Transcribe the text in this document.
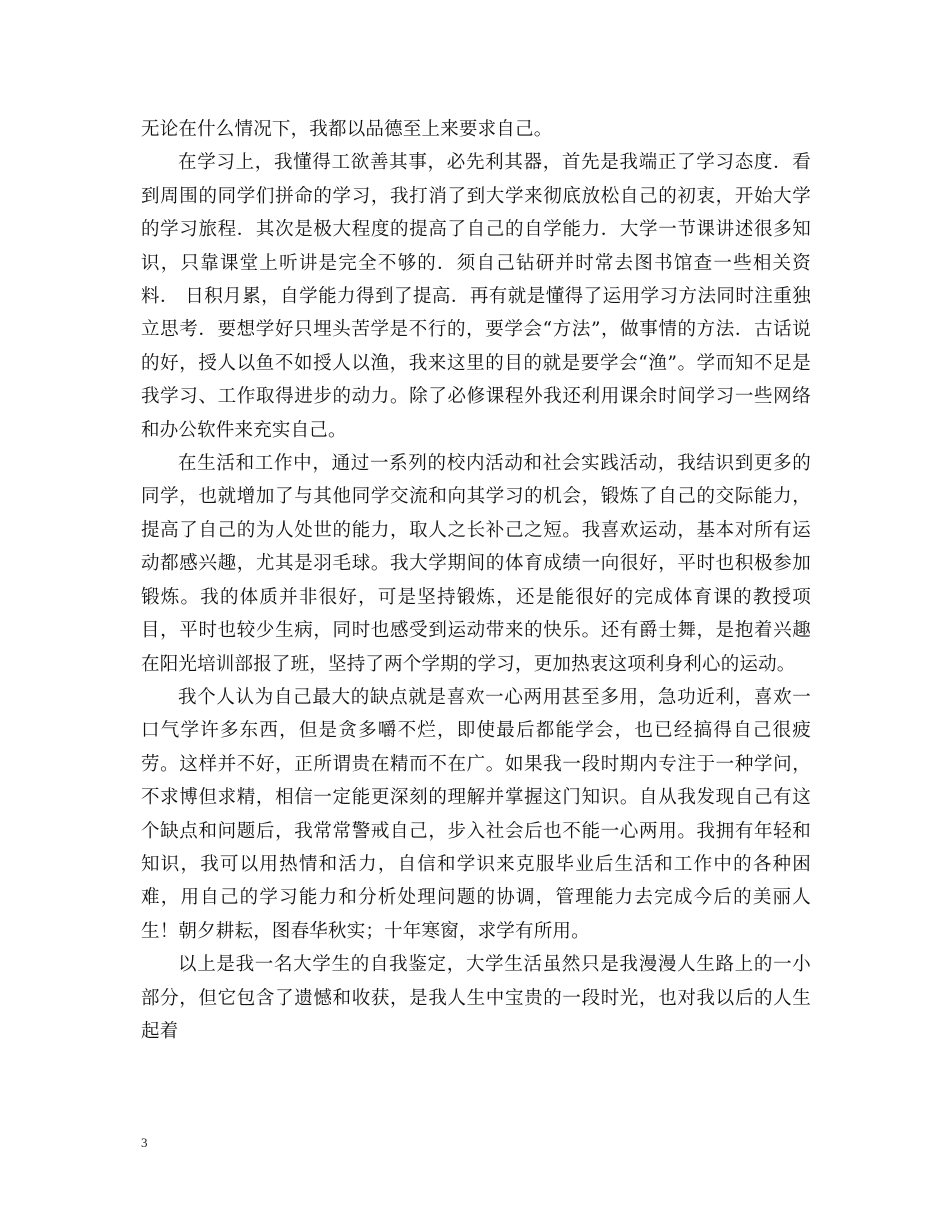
无论在什么情况下，我都以品德至上来要求自己。

在学习上，我懂得工欲善其事，必先利其器，首先是我端正了学习态度．看到周围的同学们拼命的学习，我打消了到大学来彻底放松自己的初衷，开始大学的学习旅程．其次是极大程度的提高了自己的自学能力．大学一节课讲述很多知识，只靠课堂上听讲是完全不够的．须自己钻研并时常去图书馆查一些相关资料． 日积月累，自学能力得到了提高．再有就是懂得了运用学习方法同时注重独立思考．要想学好只埋头苦学是不行的，要学会“方法”，做事情的方法．古话说的好，授人以鱼不如授人以渔，我来这里的目的就是要学会“渔”。学而知不足是我学习、工作取得进步的动力。除了必修课程外我还利用课余时间学习一些网络和办公软件来充实自己。

在生活和工作中，通过一系列的校内活动和社会实践活动，我结识到更多的同学，也就增加了与其他同学交流和向其学习的机会，锻炼了自己的交际能力，提高了自己的为人处世的能力，取人之长补己之短。我喜欢运动，基本对所有运动都感兴趣，尤其是羽毛球。我大学期间的体育成绩一向很好，平时也积极参加锻炼。我的体质并非很好，可是坚持锻炼，还是能很好的完成体育课的教授项目，平时也较少生病，同时也感受到运动带来的快乐。还有爵士舞，是抱着兴趣在阳光培训部报了班，坚持了两个学期的学习，更加热衷这项利身利心的运动。

我个人认为自己最大的缺点就是喜欢一心两用甚至多用，急功近利，喜欢一口气学许多东西，但是贪多嚼不烂，即使最后都能学会，也已经搞得自己很疲劳。这样并不好，正所谓贵在精而不在广。如果我一段时期内专注于一种学问，不求博但求精，相信一定能更深刻的理解并掌握这门知识。自从我发现自己有这个缺点和问题后，我常常警戒自己，步入社会后也不能一心两用。我拥有年轻和知识，我可以用热情和活力，自信和学识来克服毕业后生活和工作中的各种困难，用自己的学习能力和分析处理问题的协调，管理能力去完成今后的美丽人生！朝夕耕耘，图春华秋实；十年寒窗，求学有所用。

以上是我一名大学生的自我鉴定，大学生活虽然只是我漫漫人生路上的一小部分，但它包含了遗憾和收获，是我人生中宝贵的一段时光，也对我以后的人生起着

3
